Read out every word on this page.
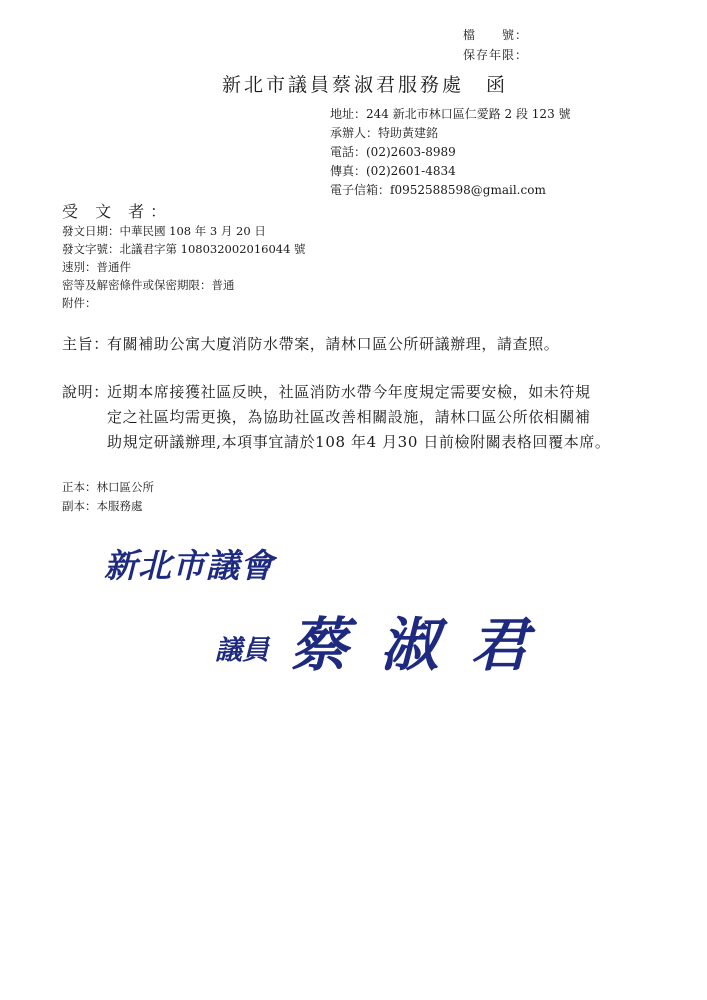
檔　　號：
保存年限：
新北市議員蔡淑君服務處　函
地址：244 新北市林口區仁愛路 2 段 123 號
承辦人：特助黃建銘
電話：(02)2603-8989
傳真：(02)2601-4834
電子信箱：f0952588598@gmail.com
受 文 者：
發文日期：中華民國 108 年 3 月 20 日
發文字號：北議君字第 108032002016044 號
速別：普通件
密等及解密條件或保密期限：普通
附件：
主旨：
有關補助公寓大廈消防水帶案，請林口區公所研議辦理，請查照。
說明：
近期本席接獲社區反映，社區消防水帶今年度規定需要安檢，如未符規
定之社區均需更換，為協助社區改善相關設施，請林口區公所依相關補
助規定研議辦理,本項事宜請於108 年4 月30 日前檢附關表格回覆本席。
正本：林口區公所
副本：本服務處
新北市議會
議員 蔡 淑 君
